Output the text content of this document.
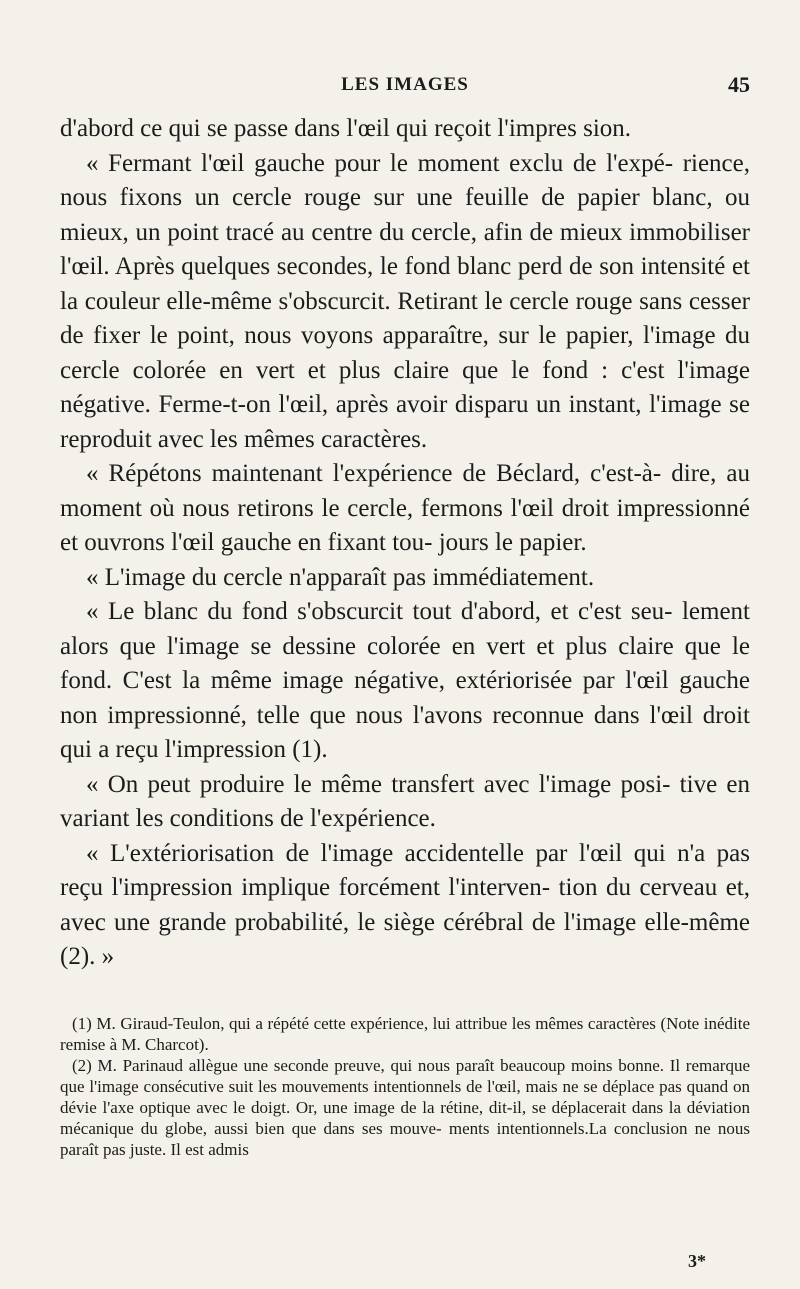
LES IMAGES	45

d'abord ce qui se passe dans l'œil qui reçoit l'impres sion.

« Fermant l'œil gauche pour le moment exclu de l'expé- rience, nous fixons un cercle rouge sur une feuille de papier blanc, ou mieux, un point tracé au centre du cercle, afin de mieux immobiliser l'œil. Après quelques secondes, le fond blanc perd de son intensité et la couleur elle-même s'obscurcit. Retirant le cercle rouge sans cesser de fixer le point, nous voyons apparaître, sur le papier, l'image du cercle colorée en vert et plus claire que le fond : c'est l'image négative. Ferme-t-on l'œil, après avoir disparu un instant, l'image se reproduit avec les mêmes caractères.

« Répétons maintenant l'expérience de Béclard, c'est-à- dire, au moment où nous retirons le cercle, fermons l'œil droit impressionné et ouvrons l'œil gauche en fixant tou- jours le papier.

« L'image du cercle n'apparaît pas immédiatement.

« Le blanc du fond s'obscurcit tout d'abord, et c'est seu- lement alors que l'image se dessine colorée en vert et plus claire que le fond. C'est la même image négative, extériorisée par l'œil gauche non impressionné, telle que nous l'avons reconnue dans l'œil droit qui a reçu l'impression (1).

« On peut produire le même transfert avec l'image posi- tive en variant les conditions de l'expérience.

« L'extériorisation de l'image accidentelle par l'œil qui n'a pas reçu l'impression implique forcément l'interven- tion du cerveau et, avec une grande probabilité, le siège cérébral de l'image elle-même (2). »

(1) M. Giraud-Teulon, qui a répété cette expérience, lui attribue les mêmes caractères (Note inédite remise à M. Charcot).

(2) M. Parinaud allègue une seconde preuve, qui nous paraît beaucoup moins bonne. Il remarque que l'image consécutive suit les mouvements intentionnels de l'œil, mais ne se déplace pas quand on dévie l'axe optique avec le doigt. Or, une image de la rétine, dit-il, se déplacerait dans la déviation mécanique du globe, aussi bien que dans ses mouve- ments intentionnels.La conclusion ne nous paraît pas juste. Il est admis

3*
